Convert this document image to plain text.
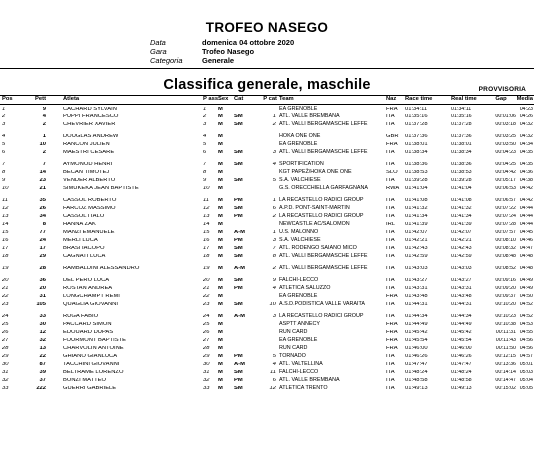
TROFEO NASEGO
Data	domenica 04 ottobre 2020
Gara	Trofeo Nasego
Categoria	Generale
Classifica generale, maschile	PROVVISORIA
Pos	Pett	Atleta	P ass Sex Cat	P cat Team	Naz	Race time	Real time	Gap	Media
1	9	CACHARD SYLVAIN	1	M	EA GRENOBLE	FRA	01:34:11	01:34:11	04:23
2	4	PUPPI FRANCESCO	2	M	SM	1 ATL. VALLE BREMBANA	ITA	01:35:16	01:35:16	00:01:06 04:26
3	2	CHEVRIER XAVIER	3	M	SM	2 ATL. VALLI BERGAMASCHE LEFFE	ITA	01:37:28	01:37:28	00:03:18 04:32
4	1	DOUGLAS ANDREW	4	M	HOKA ONE ONE	GBR	01:37:36	01:37:36	00:03:25 04:32
5	10	RANCON JULIEN	5	M	EA GRENOBLE	FRA	01:38:01	01:38:01	00:03:50 04:34
6	2	MAESTRI CESARE	6	M	SM	3 ATL. VALLI BERGAMASCHE LEFFE	ITA	01:38:34	01:38:34	00:04:23 04:35
7	7	AYMONOD HENRI	7	M	SM	4 SPORTIFICATION	ITA	01:38:36	01:38:36	00:04:25 04:35
8	14	BEČAN TIMOTEJ	8	M	KGT PAPEŽ/HOKA ONE ONE	SLO	01:38:53	01:38:53	00:04:42 04:36
9	23	VENDER ALBERTO	9	M	SM	5 S.A. VALCHIESE	ITA	01:39:28	01:39:28	00:05:17 04:38
10	21	SIMUKEKA JEAN BAPTISTE	10	M	G.S. ORECCHIELLA GARFAGNANA	RWA 01:41:04	01:41:04	00:06:53 04:42
11	35	CASSOL ROBERTO	11	M	PM	1 LA RECASTELLO RADICI GROUP	ITA	01:41:08	01:41:08	00:06:57 04:42
12	26	FARCOZ MASSIMO	12	M	SM	6 A.P.D. PONT-SAINT-MARTIN	ITA	01:41:32	01:41:32	00:07:22 04:44
13	34	CASSOL ITALO	13	M	PM	2 LA RECASTELLO RADICI GROUP	ITA	01:41:34	01:41:34	00:07:24 04:44
14	8	HANNA ZAK	14	M	NEWCASTLE AC/SALOMON	IRL	01:41:39	01:41:39	00:07:28 04:44
15	77	MANZI EMANUELE	15	M	A-M	1 U.S. MALONNO	ITA	01:42:07	01:42:07	00:07:57 04:45
16	24	MERLI LUCA	16	M	PM	3 S.A. VALCHIESE	ITA	01:42:21	01:42:21	00:08:10 04:46
17	17	BRASI IACOPO	17	M	SM	7 ATL. RODENGO SAIANO MICO	ITA	01:42:43	01:42:43	00:08:32 04:47
18	29	CAGNATI LUCA	18	M	SM	8 ATL. VALLI BERGAMASCHE LEFFE	ITA	01:42:59	01:42:59	00:08:48 04:48
19	28	RAMBALDINI ALESSANDRO	19	M	A-M	2 ATL. VALLI BERGAMASCHE LEFFE	ITA	01:43:03	01:43:03	00:08:52 04:48
20	36	DEL PERO LUCA	20	M	SM	9 FALCHI-LECCO	ITA	01:43:27	01:43:27	00:09:16 04:49
21	20	ROSTAN ANDREA	21	M	PM	4 ATLETICA SALUZZO	ITA	01:43:31	01:43:31	00:09:20 04:49
22	31	LONGCHAMPT REMI	22	M	EA GRENOBLE	FRA	01:43:48	01:43:48	00:09:37 04:50
23	105	QUAGLIA GIOVANNI	23	M	SM	10 A.S.D.PODISTICA VALLE VARAITA	ITA	01:44:31	01:44:31	00:10:20 04:52
24	33	RUGA FABIO	24	M	A-M	3 LA RECASTELLO RADICI GROUP	ITA	01:44:34	01:44:34	00:10:23 04:52
25	30	PACCARD SIMON	25	M	ASPTT ANNECY	FRA	01:44:49	01:44:49	00:10:38 04:53
26	12	EDOUARD DUPAS	26	M	RUN CARD	FRA	01:45:42	01:45:42	00:11:31 04:55
27	32	FOURMONT BAPTISTE	27	M	EA GRENOBLE	FRA	01:45:54	01:45:54	00:11:43 04:56
28	13	CHARVOLIN ANTOINE	28	M	RUN CARD	FRA	01:46:00	01:46:00	00:11:50 04:56
29	22	GHIANO GIANLUCA	29	M	PM	5 TORNADO	ITA	01:46:26	01:46:26	00:12:15 04:57
30	87	TACCHINI GIOVANNI	30	M	A-M	4 ATL. VALTELLINA	ITA	01:47:47	01:47:47	00:13:36 05:01
31	39	BELTRAME LORENZO	31	M	SM	11 FALCHI-LECCO	ITA	01:48:24	01:48:24	00:14:14 05:03
32	37	BONZI MATTEO	32	M	PM	6 ATL. VALLE BREMBANA	ITA	01:48:58	01:48:58	00:14:47 05:04
33	222	GUERRI GABRIELE	33	M	SM	12 ATLETICA TRENTO	ITA	01:49:13	01:49:13	00:15:02 05:05
